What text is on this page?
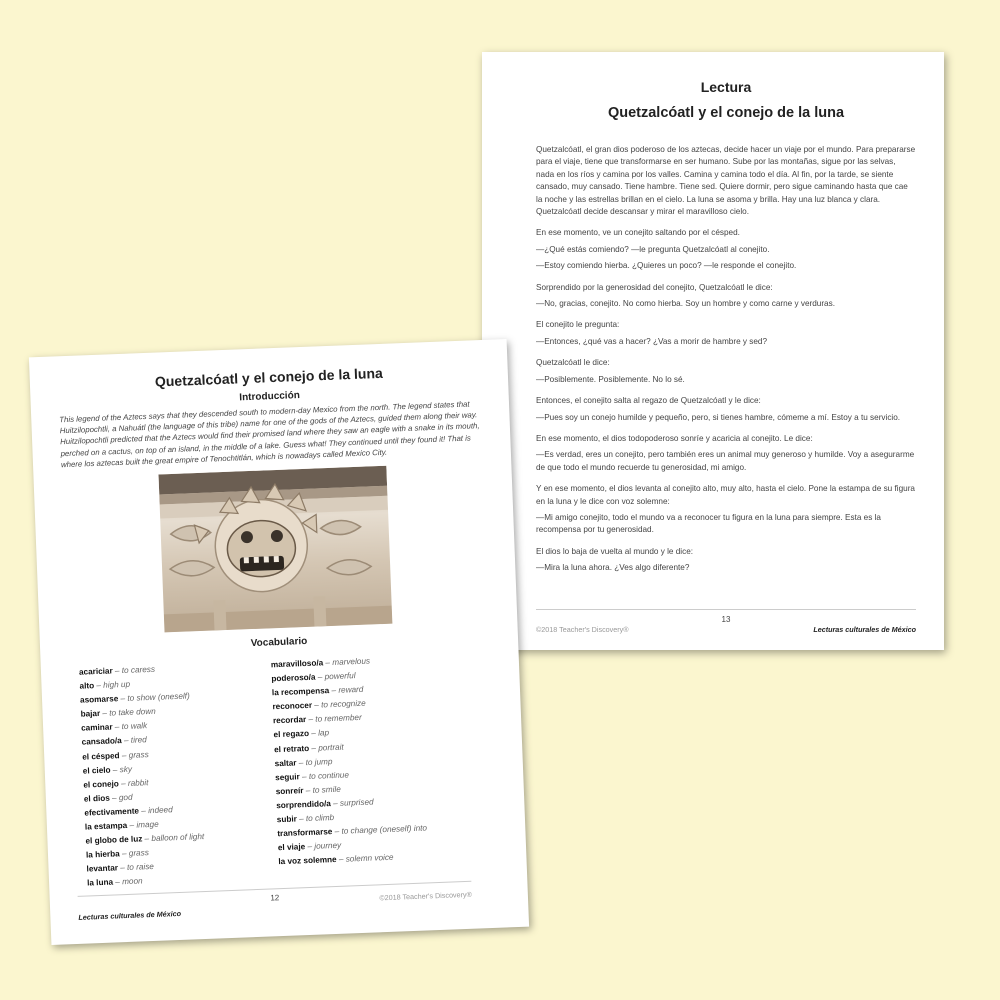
Lectura
Quetzalcóatl y el conejo de la luna

Quetzalcóatl, el gran dios poderoso de los aztecas, decide hacer un viaje por el mundo. Para prepararse para el viaje, tiene que transformarse en ser humano. Sube por las montañas, sigue por las selvas, nada en los ríos y camina por los valles. Camina y camina todo el día. Al fin, por la tarde, se siente cansado, muy cansado. Tiene hambre. Tiene sed. Quiere dormir, pero sigue caminando hasta que cae la noche y las estrellas brillan en el cielo. La luna se asoma y brilla. Hay una luz blanca y clara. Quetzalcóatl decide descansar y mirar el maravilloso cielo.

En ese momento, ve un conejito saltando por el césped.

—¿Qué estás comiendo? —le pregunta Quetzalcóatl al conejito.

—Estoy comiendo hierba. ¿Quieres un poco? —le responde el conejito.

Sorprendido por la generosidad del conejito, Quetzalcóatl le dice:

—No, gracias, conejito. No como hierba. Soy un hombre y como carne y verduras.

El conejito le pregunta:

—Entonces, ¿qué vas a hacer? ¿Vas a morir de hambre y sed?

Quetzalcóatl le dice:

—Posiblemente. Posiblemente. No lo sé.

Entonces, el conejito salta al regazo de Quetzalcóatl y le dice:

—Pues soy un conejo humilde y pequeño, pero, si tienes hambre, cómeme a mí. Estoy a tu servicio.

En ese momento, el dios todopoderoso sonríe y acaricia al conejito. Le dice:

—Es verdad, eres un conejito, pero también eres un animal muy generoso y humilde. Voy a asegurarme de que todo el mundo recuerde tu generosidad, mi amigo.

Y en ese momento, el dios levanta al conejito alto, muy alto, hasta el cielo. Pone la estampa de su figura en la luna y le dice con voz solemne:

—Mi amigo conejito, todo el mundo va a reconocer tu figura en la luna para siempre. Esta es la recompensa por tu generosidad.

El dios lo baja de vuelta al mundo y le dice:

—Mira la luna ahora. ¿Ves algo diferente?

13
©2018 Teacher's Discovery®	Lecturas culturales de México
Quetzalcóatl y el conejo de la luna
Introducción
This legend of the Aztecs says that they descended south to modern-day Mexico from the north. The legend states that Huitzilopochtli, a Nahuátl (the language of this tribe) name for one of the gods of the Aztecs, guided them along their way. Huitzilopochtli predicted that the Aztecs would find their promised land where they saw an eagle with a snake in its mouth, perched on a cactus, on top of an island, in the middle of a lake. Guess what! They continued until they found it! That is where los aztecas built the great empire of Tenochtitlán, which is nowadays called Mexico City.
Vocabulario
acariciar – to caress
alto – high up
asomarse – to show (oneself)
bajar – to take down
caminar – to walk
cansado/a – tired
el césped – grass
el cielo – sky
el conejo – rabbit
el dios – god
efectivamente – indeed
la estampa – image
el globo de luz – balloon of light
la hierba – grass
levantar – to raise
la luna – moon
maravilloso/a – marvelous
poderoso/a – powerful
la recompensa – reward
reconocer – to recognize
recordar – to remember
el regazo – lap
el retrato – portrait
saltar – to jump
seguir – to continue
sonreír – to smile
sorprendido/a – surprised
subir – to climb
transformarse – to change (oneself) into
el viaje – journey
la voz solemne – solemn voice
12
Lecturas culturales de México
©2018 Teacher's Discovery®
